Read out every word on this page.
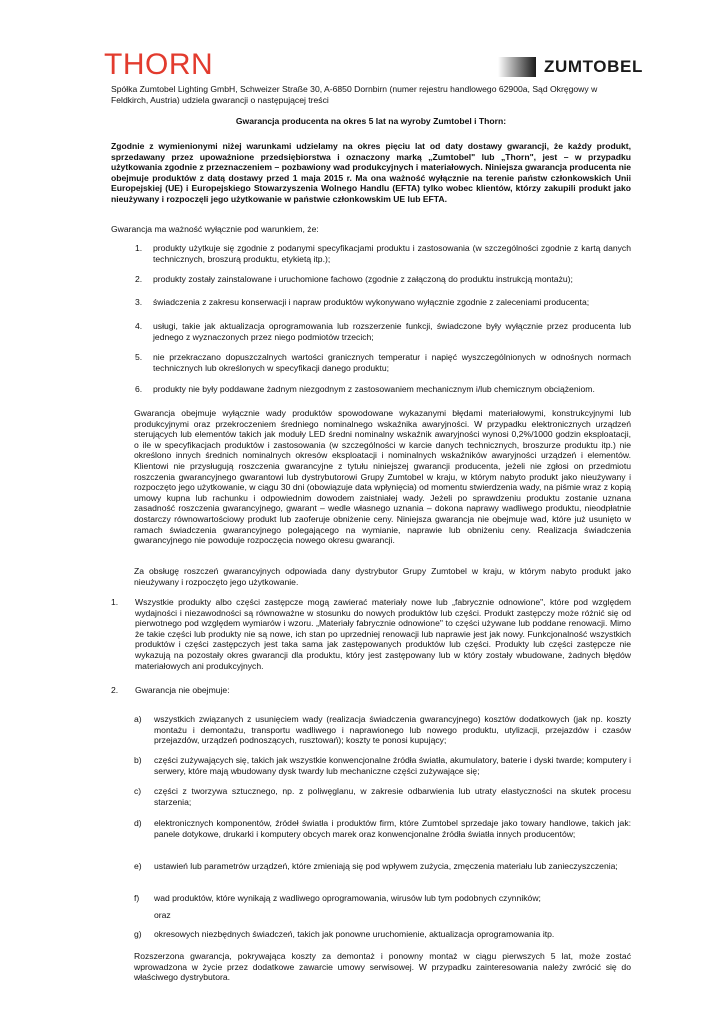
THORN	ZUMTOBEL
Spółka Zumtobel Lighting GmbH, Schweizer Straße 30, A-6850 Dornbirn (numer rejestru handlowego 62900a, Sąd Okręgowy w Feldkirch, Austria) udziela gwarancji o następującej treści
Gwarancja producenta na okres 5 lat na wyroby Zumtobel i Thorn:
Zgodnie z wymienionymi niżej warunkami udzielamy na okres pięciu lat od daty dostawy gwarancji, że każdy produkt, sprzedawany przez upoważnione przedsiębiorstwa i oznaczony marką „Zumtobel" lub „Thorn", jest – w przypadku użytkowania zgodnie z przeznaczeniem – pozbawiony wad produkcyjnych i materiałowych. Niniejsza gwarancja producenta nie obejmuje produktów z datą dostawy przed 1 maja 2015 r. Ma ona ważność wyłącznie na terenie państw członkowskich Unii Europejskiej (UE) i Europejskiego Stowarzyszenia Wolnego Handlu (EFTA) tylko wobec klientów, którzy zakupili produkt jako nieużywany i rozpoczęli jego użytkowanie w państwie członkowskim UE lub EFTA.
Gwarancja ma ważność wyłącznie pod warunkiem, że:
1. produkty użytkuje się zgodnie z podanymi specyfikacjami produktu i zastosowania (w szczególności zgodnie z kartą danych technicznych, broszurą produktu, etykietą itp.);
2. produkty zostały zainstalowane i uruchomione fachowo (zgodnie z załączoną do produktu instrukcją montażu);
3. świadczenia z zakresu konserwacji i napraw produktów wykonywano wyłącznie zgodnie z zaleceniami producenta;
4. usługi, takie jak aktualizacja oprogramowania lub rozszerzenie funkcji, świadczone były wyłącznie przez producenta lub jednego z wyznaczonych przez niego podmiotów trzecich;
5. nie przekraczano dopuszczalnych wartości granicznych temperatur i napięć wyszczególnionych w odnośnych normach technicznych lub określonych w specyfikacji danego produktu;
6. produkty nie były poddawane żadnym niezgodnym z zastosowaniem mechanicznym i/lub chemicznym obciążeniom.
Gwarancja obejmuje wyłącznie wady produktów spowodowane wykazanymi błędami materiałowymi, konstrukcyjnymi lub produkcyjnymi oraz przekroczeniem średniego nominalnego wskaźnika awaryjności. W przypadku elektronicznych urządzeń sterujących lub elementów takich jak moduły LED średni nominalny wskaźnik awaryjności wynosi 0,2%/1000 godzin eksploatacji, o ile w specyfikacjach produktów i zastosowania (w szczególności w karcie danych technicznych, broszurze produktu itp.) nie określono innych średnich nominalnych okresów eksploatacji i nominalnych wskaźników awaryjności urządzeń i elementów. Klientowi nie przysługują roszczenia gwarancyjne z tytułu niniejszej gwarancji producenta, jeżeli nie zgłosi on przedmiotu roszczenia gwarancyjnego gwarantowi lub dystrybutorowi Grupy Zumtobel w kraju, w którym nabyto produkt jako nieużywany i rozpoczęto jego użytkowanie, w ciągu 30 dni (obowiązuje data wpłynięcia) od momentu stwierdzenia wady, na piśmie wraz z kopią umowy kupna lub rachunku i odpowiednim dowodem zaistniałej wady. Jeżeli po sprawdzeniu produktu zostanie uznana zasadność roszczenia gwarancyjnego, gwarant – wedle własnego uznania – dokona naprawy wadliwego produktu, nieodpłatnie dostarczy równowartościowy produkt lub zaoferuje obniżenie ceny. Niniejsza gwarancja nie obejmuje wad, które już usunięto w ramach świadczenia gwarancyjnego polegającego na wymianie, naprawie lub obniżeniu ceny. Realizacja świadczenia gwarancyjnego nie powoduje rozpoczęcia nowego okresu gwarancji.
Za obsługę roszczeń gwarancyjnych odpowiada dany dystrybutor Grupy Zumtobel w kraju, w którym nabyto produkt jako nieużywany i rozpoczęto jego użytkowanie.
1. Wszystkie produkty albo części zastępcze mogą zawierać materiały nowe lub „fabrycznie odnowione", które pod względem wydajności i niezawodności są równoważne w stosunku do nowych produktów lub części. Produkt zastępczy może różnić się od pierwotnego pod względem wymiarów i wzoru. „Materiały fabrycznie odnowione" to części używane lub poddane renowacji. Mimo że takie części lub produkty nie są nowe, ich stan po uprzedniej renowacji lub naprawie jest jak nowy. Funkcjonalność wszystkich produktów i części zastępczych jest taka sama jak zastępowanych produktów lub części. Produkty lub części zastępcze nie wykazują na pozostały okres gwarancji dla produktu, który jest zastępowany lub w który zostały wbudowane, żadnych błędów materiałowych ani produkcyjnych.
2. Gwarancja nie obejmuje:
a) wszystkich związanych z usunięciem wady (realizacja świadczenia gwarancyjnego) kosztów dodatkowych (jak np. koszty montażu i demontażu, transportu wadliwego i naprawionego lub nowego produktu, utylizacji, przejazdów i czasów przejazdów, urządzeń podnoszących, rusztowań); koszty te ponosi kupujący;
b) części zużywających się, takich jak wszystkie konwencjonalne źródła światła, akumulatory, baterie i dyski twarde; komputery i serwery, które mają wbudowany dysk twardy lub mechaniczne części zużywające się;
c) części z tworzywa sztucznego, np. z poliwęglanu, w zakresie odbarwienia lub utraty elastyczności na skutek procesu starzenia;
d) elektronicznych komponentów, źródeł światła i produktów firm, które Zumtobel sprzedaje jako towary handlowe, takich jak: panele dotykowe, drukarki i komputery obcych marek oraz konwencjonalne źródła światła innych producentów;
e) ustawień lub parametrów urządzeń, które zmieniają się pod wpływem zużycia, zmęczenia materiału lub zanieczyszczenia;
f) wad produktów, które wynikają z wadliwego oprogramowania, wirusów lub tym podobnych czynników;
oraz
g) okresowych niezbędnych świadczeń, takich jak ponowne uruchomienie, aktualizacja oprogramowania itp.
Rozszerzona gwarancja, pokrywająca koszty za demontaż i ponowny montaż w ciągu pierwszych 5 lat, może zostać wprowadzona w życie przez dodatkowe zawarcie umowy serwisowej. W przypadku zainteresowania należy zwrócić się do właściwego dystrybutora.
